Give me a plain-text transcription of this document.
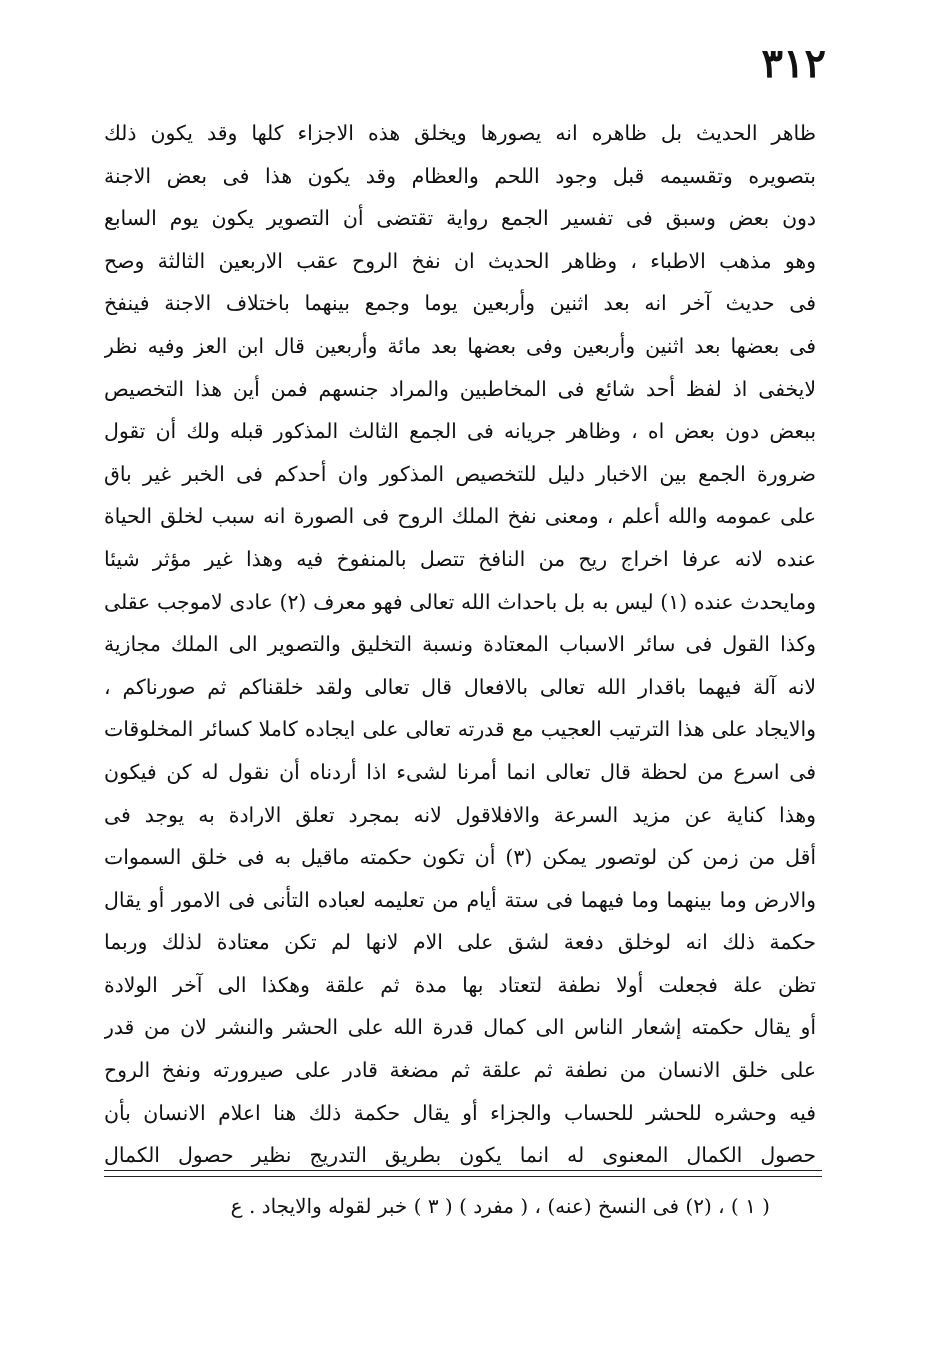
٣١٢
ظاهر الحديث بل ظاهره انه يصورها ويخلق هذه الاجزاء كلها وقد يكون ذلك
بتصويره وتقسيمه قبل وجود اللحم والعظام وقد يكون هذا فى بعض الاجنة
دون بعض وسبق فى تفسير الجمع رواية تقتضى أن التصوير يكون يوم السابع
وهو مذهب الاطباء ، وظاهر الحديث ان نفخ الروح عقب الاربعين الثالثة وصح
فى حديث آخر انه بعد اثنين وأربعين يوما وجمع بينهما باختلاف الاجنة فينفخ
فى بعضها بعد اثنين وأربعين وفى بعضها بعد مائة وأربعين قال ابن العز وفيه نظر
لايخفى اذ لفظ أحد شائع فى المخاطبين والمراد جنسهم فمن أين هذا التخصيص
ببعض دون بعض اه ، وظاهر جريانه فى الجمع الثالث المذكور قبله ولك أن تقول
ضرورة الجمع بين الاخبار دليل للتخصيص المذكور وان أحدكم فى الخبر غير باق
على عمومه والله أعلم ، ومعنى نفخ الملك الروح فى الصورة انه سبب لخلق الحياة
عنده لانه عرفا اخراج ريح من النافخ تتصل بالمنفوخ فيه وهذا غير مؤثر شيئا
ومايحدث عنده (١) ليس به بل باحداث الله تعالى فهو معرف (٢) عادى لاموجب عقلى
وكذا القول فى سائر الاسباب المعتادة ونسبة التخليق والتصوير الى الملك مجازية
لانه آلة فيهما باقدار الله تعالى بالافعال قال تعالى ولقد خلقناكم ثم صورناكم ،
والايجاد على هذا الترتيب العجيب مع قدرته تعالى على ايجاده كاملا كسائر المخلوقات
فى اسرع من لحظة قال تعالى انما أمرنا لشىء اذا أردناه أن نقول له كن فيكون
وهذا كناية عن مزيد السرعة والافلاقول لانه بمجرد تعلق الارادة به يوجد فى
أقل من زمن كن لوتصور يمكن (٣) أن تكون حكمته ماقيل به فى خلق السموات
والارض وما بينهما وما فيهما فى ستة أيام من تعليمه لعباده التأنى فى الامور أو يقال
حكمة ذلك انه لوخلق دفعة لشق على الام لانها لم تكن معتادة لذلك وربما
تظن علة فجعلت أولا نطفة لتعتاد بها مدة ثم علقة وهكذا الى آخر الولادة
أو يقال حكمته إشعار الناس الى كمال قدرة الله على الحشر والنشر لان من قدر
على خلق الانسان من نطفة ثم علقة ثم مضغة قادر على صيرورته ونفخ الروح
فيه وحشره للحشر للحساب والجزاء أو يقال حكمة ذلك هنا اعلام الانسان بأن
حصول الكمال المعنوى له انما يكون بطريق التدريج نظير حصول الكمال
( ١ ) ، (٢) فى النسخ (عنه) ، ( مفرد ) ( ٣ ) خبر لقوله والايجاد . ع
